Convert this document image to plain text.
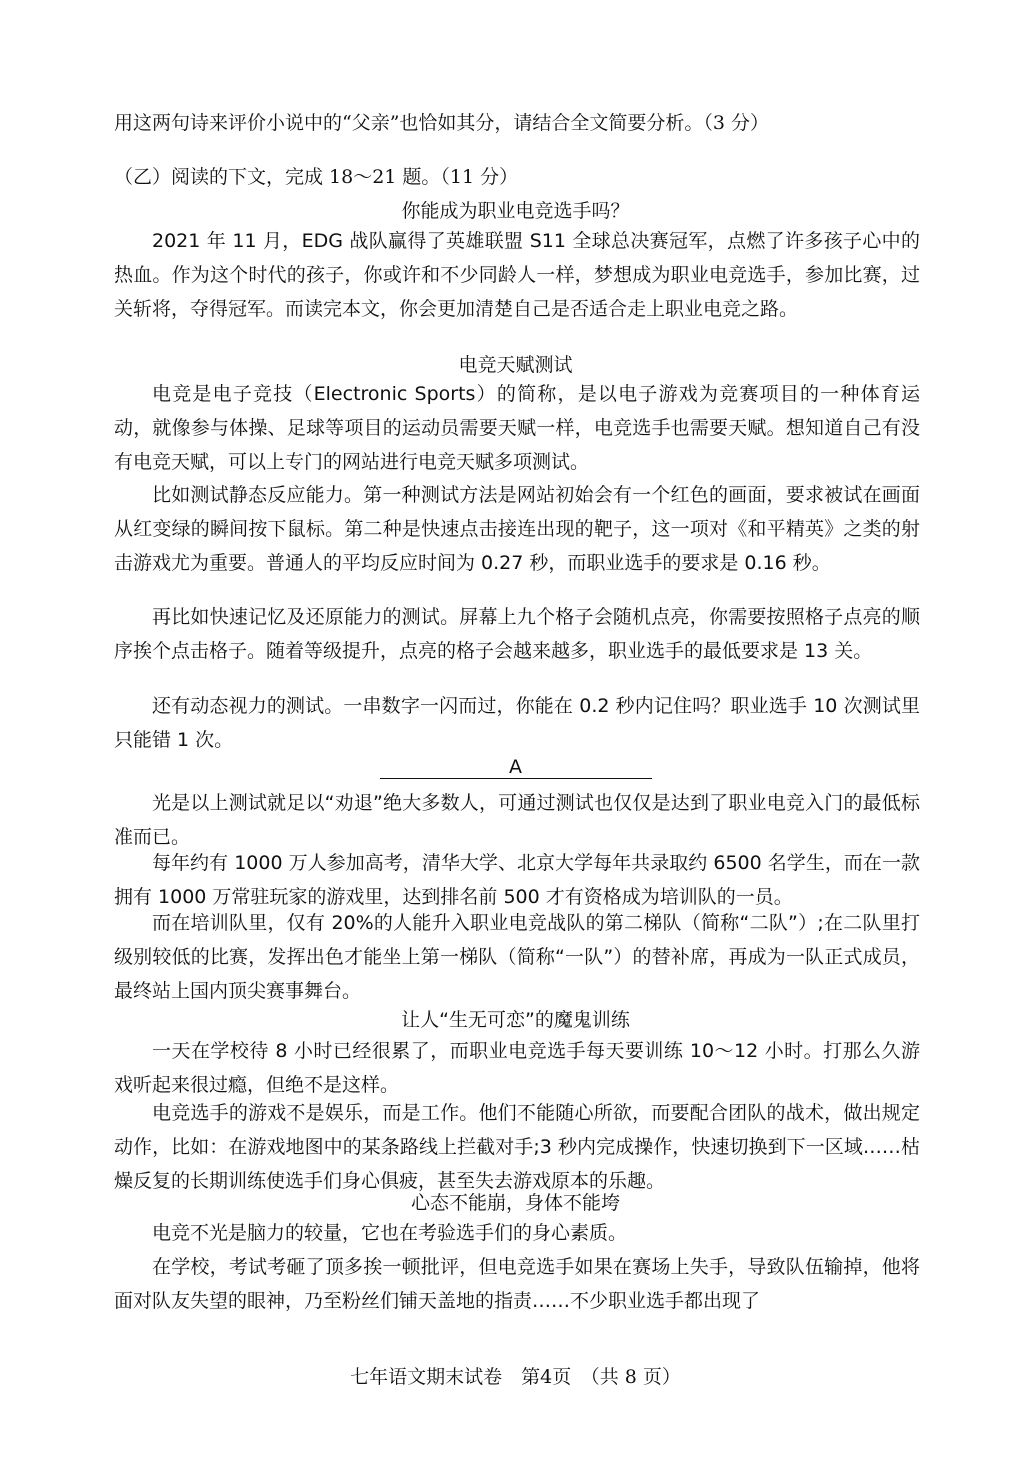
用这两句诗来评价小说中的“父亲”也恰如其分，请结合全文简要分析。（3 分）
（乙）阅读的下文，完成 18～21 题。（11 分）
你能成为职业电竞选手吗？
2021 年 11 月，EDG 战队赢得了英雄联盟 S11 全球总决赛冠军，点燃了许多孩子心中的热血。作为这个时代的孩子，你或许和不少同龄人一样，梦想成为职业电竞选手，参加比赛，过关斩将，夺得冠军。而读完本文，你会更加清楚自己是否适合走上职业电竞之路。
电竞天赋测试
电竞是电子竞技（Electronic Sports）的简称，是以电子游戏为竞赛项目的一种体育运动，就像参与体操、足球等项目的运动员需要天赋一样，电竞选手也需要天赋。想知道自己有没有电竞天赋，可以上专门的网站进行电竞天赋多项测试。
比如测试静态反应能力。第一种测试方法是网站初始会有一个红色的画面，要求被试在画面从红变绿的瞬间按下鼠标。第二种是快速点击接连出现的靶子，这一项对《和平精英》之类的射击游戏尤为重要。普通人的平均反应时间为 0.27 秒，而职业选手的要求是 0.16 秒。
再比如快速记忆及还原能力的测试。屏幕上九个格子会随机点亮，你需要按照格子点亮的顺序挨个点击格子。随着等级提升，点亮的格子会越来越多，职业选手的最低要求是 13 关。
还有动态视力的测试。一串数字一闪而过，你能在 0.2 秒内记住吗？职业选手 10 次测试里只能错 1 次。
A
光是以上测试就足以“劝退”绝大多数人，可通过测试也仅仅是达到了职业电竞入门的最低标准而已。
每年约有 1000 万人参加高考，清华大学、北京大学每年共录取约 6500 名学生，而在一款拥有 1000 万常驻玩家的游戏里，达到排名前 500 才有资格成为培训队的一员。
而在培训队里，仅有 20%的人能升入职业电竞战队的第二梯队（简称“二队”）;在二队里打级别较低的比赛，发挥出色才能坐上第一梯队（简称“一队”）的替补席，再成为一队正式成员，最终站上国内顶尖赛事舞台。
让人“生无可恋”的魔鬼训练
一天在学校待 8 小时已经很累了，而职业电竞选手每天要训练 10～12 小时。打那么久游戏听起来很过瘾，但绝不是这样。
电竞选手的游戏不是娱乐，而是工作。他们不能随心所欲，而要配合团队的战术，做出规定动作，比如：在游戏地图中的某条路线上拦截对手;3 秒内完成操作，快速切换到下一区域……枯燥反复的长期训练使选手们身心俱疲，甚至失去游戏原本的乐趣。
心态不能崩，身体不能垮
电竞不光是脑力的较量，它也在考验选手们的身心素质。
在学校，考试考砸了顶多挨一顿批评，但电竞选手如果在赛场上失手，导致队伍输掉，他将面对队友失望的眼神，乃至粉丝们铺天盖地的指责……不少职业选手都出现了
七年语文期末试卷　第4页　（共 8 页）
